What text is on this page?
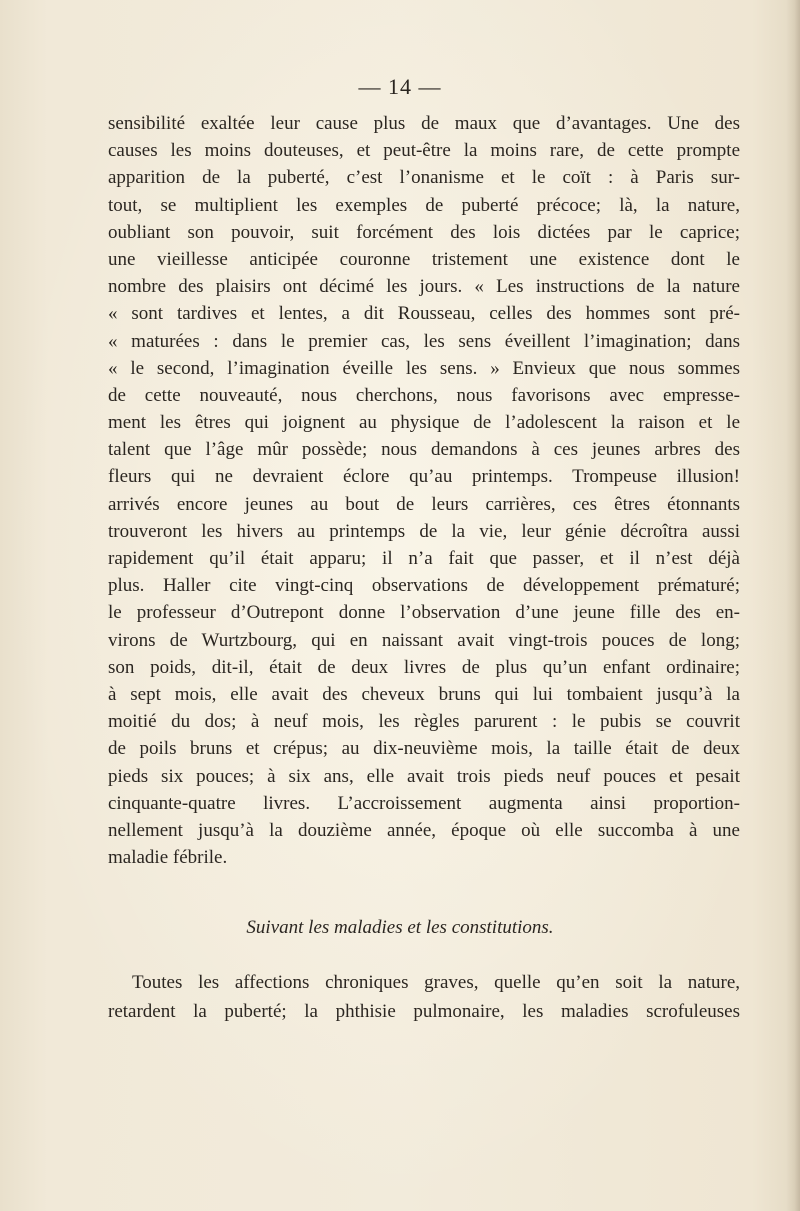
— 14 —
sensibilité exaltée leur cause plus de maux que d’avantages. Une des
causes les moins douteuses, et peut-être la moins rare, de cette prompte
apparition de la puberté, c’est l’onanisme et le coït : à Paris sur-
tout, se multiplient les exemples de puberté précoce; là, la nature,
oubliant son pouvoir, suit forcément des lois dictées par le caprice;
une vieillesse anticipée couronne tristement une existence dont le
nombre des plaisirs ont décimé les jours. « Les instructions de la nature
« sont tardives et lentes, a dit Rousseau, celles des hommes sont pré-
« maturées : dans le premier cas, les sens éveillent l’imagination; dans
« le second, l’imagination éveille les sens. » Envieux que nous sommes
de cette nouveauté, nous cherchons, nous favorisons avec empresse-
ment les êtres qui joignent au physique de l’adolescent la raison et le
talent que l’âge mûr possède; nous demandons à ces jeunes arbres des
fleurs qui ne devraient éclore qu’au printemps. Trompeuse illusion!
arrivés encore jeunes au bout de leurs carrières, ces êtres étonnants
trouveront les hivers au printemps de la vie, leur génie décroîtra aussi
rapidement qu’il était apparu; il n’a fait que passer, et il n’est déjà
plus. Haller cite vingt-cinq observations de développement prématuré;
le professeur d’Outrepont donne l’observation d’une jeune fille des en-
virons de Wurtzbourg, qui en naissant avait vingt-trois pouces de long;
son poids, dit-il, était de deux livres de plus qu’un enfant ordinaire;
à sept mois, elle avait des cheveux bruns qui lui tombaient jusqu’à la
moitié du dos; à neuf mois, les règles parurent : le pubis se couvrit
de poils bruns et crépus; au dix-neuvième mois, la taille était de deux
pieds six pouces; à six ans, elle avait trois pieds neuf pouces et pesait
cinquante-quatre livres. L’accroissement augmenta ainsi proportion-
nellement jusqu’à la douzième année, époque où elle succomba à une
maladie fébrile.
Suivant les maladies et les constitutions.
Toutes les affections chroniques graves, quelle qu’en soit la nature,
retardent la puberté; la phthisie pulmonaire, les maladies scrofuleuses
